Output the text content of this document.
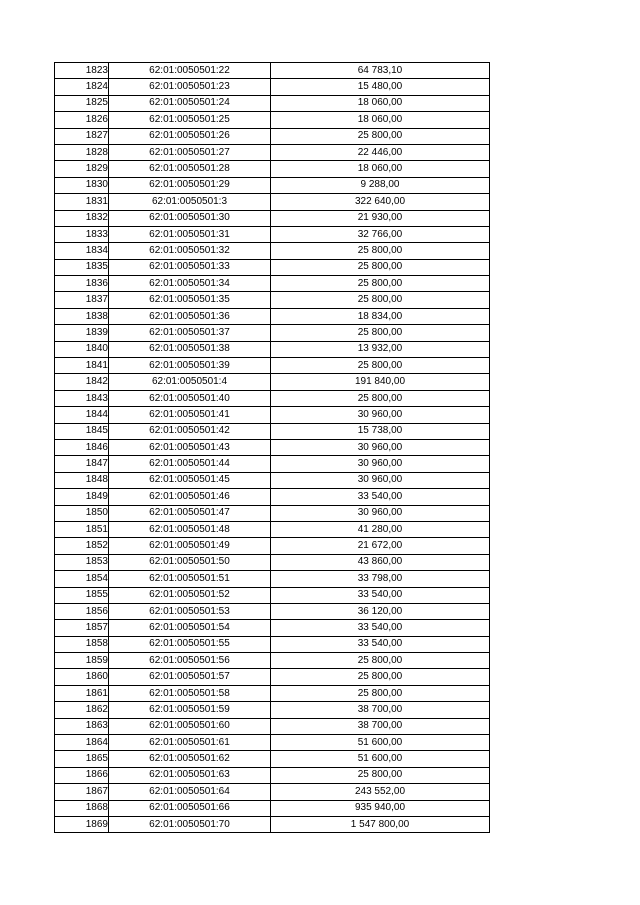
1823	62:01:0050501:22	64 783,10
1824	62:01:0050501:23	15 480,00
1825	62:01:0050501:24	18 060,00
1826	62:01:0050501:25	18 060,00
1827	62:01:0050501:26	25 800,00
1828	62:01:0050501:27	22 446,00
1829	62:01:0050501:28	18 060,00
1830	62:01:0050501:29	9 288,00
1831	62:01:0050501:3	322 640,00
1832	62:01:0050501:30	21 930,00
1833	62:01:0050501:31	32 766,00
1834	62:01:0050501:32	25 800,00
1835	62:01:0050501:33	25 800,00
1836	62:01:0050501:34	25 800,00
1837	62:01:0050501:35	25 800,00
1838	62:01:0050501:36	18 834,00
1839	62:01:0050501:37	25 800,00
1840	62:01:0050501:38	13 932,00
1841	62:01:0050501:39	25 800,00
1842	62:01:0050501:4	191 840,00
1843	62:01:0050501:40	25 800,00
1844	62:01:0050501:41	30 960,00
1845	62:01:0050501:42	15 738,00
1846	62:01:0050501:43	30 960,00
1847	62:01:0050501:44	30 960,00
1848	62:01:0050501:45	30 960,00
1849	62:01:0050501:46	33 540,00
1850	62:01:0050501:47	30 960,00
1851	62:01:0050501:48	41 280,00
1852	62:01:0050501:49	21 672,00
1853	62:01:0050501:50	43 860,00
1854	62:01:0050501:51	33 798,00
1855	62:01:0050501:52	33 540,00
1856	62:01:0050501:53	36 120,00
1857	62:01:0050501:54	33 540,00
1858	62:01:0050501:55	33 540,00
1859	62:01:0050501:56	25 800,00
1860	62:01:0050501:57	25 800,00
1861	62:01:0050501:58	25 800,00
1862	62:01:0050501:59	38 700,00
1863	62:01:0050501:60	38 700,00
1864	62:01:0050501:61	51 600,00
1865	62:01:0050501:62	51 600,00
1866	62:01:0050501:63	25 800,00
1867	62:01:0050501:64	243 552,00
1868	62:01:0050501:66	935 940,00
1869	62:01:0050501:70	1 547 800,00
